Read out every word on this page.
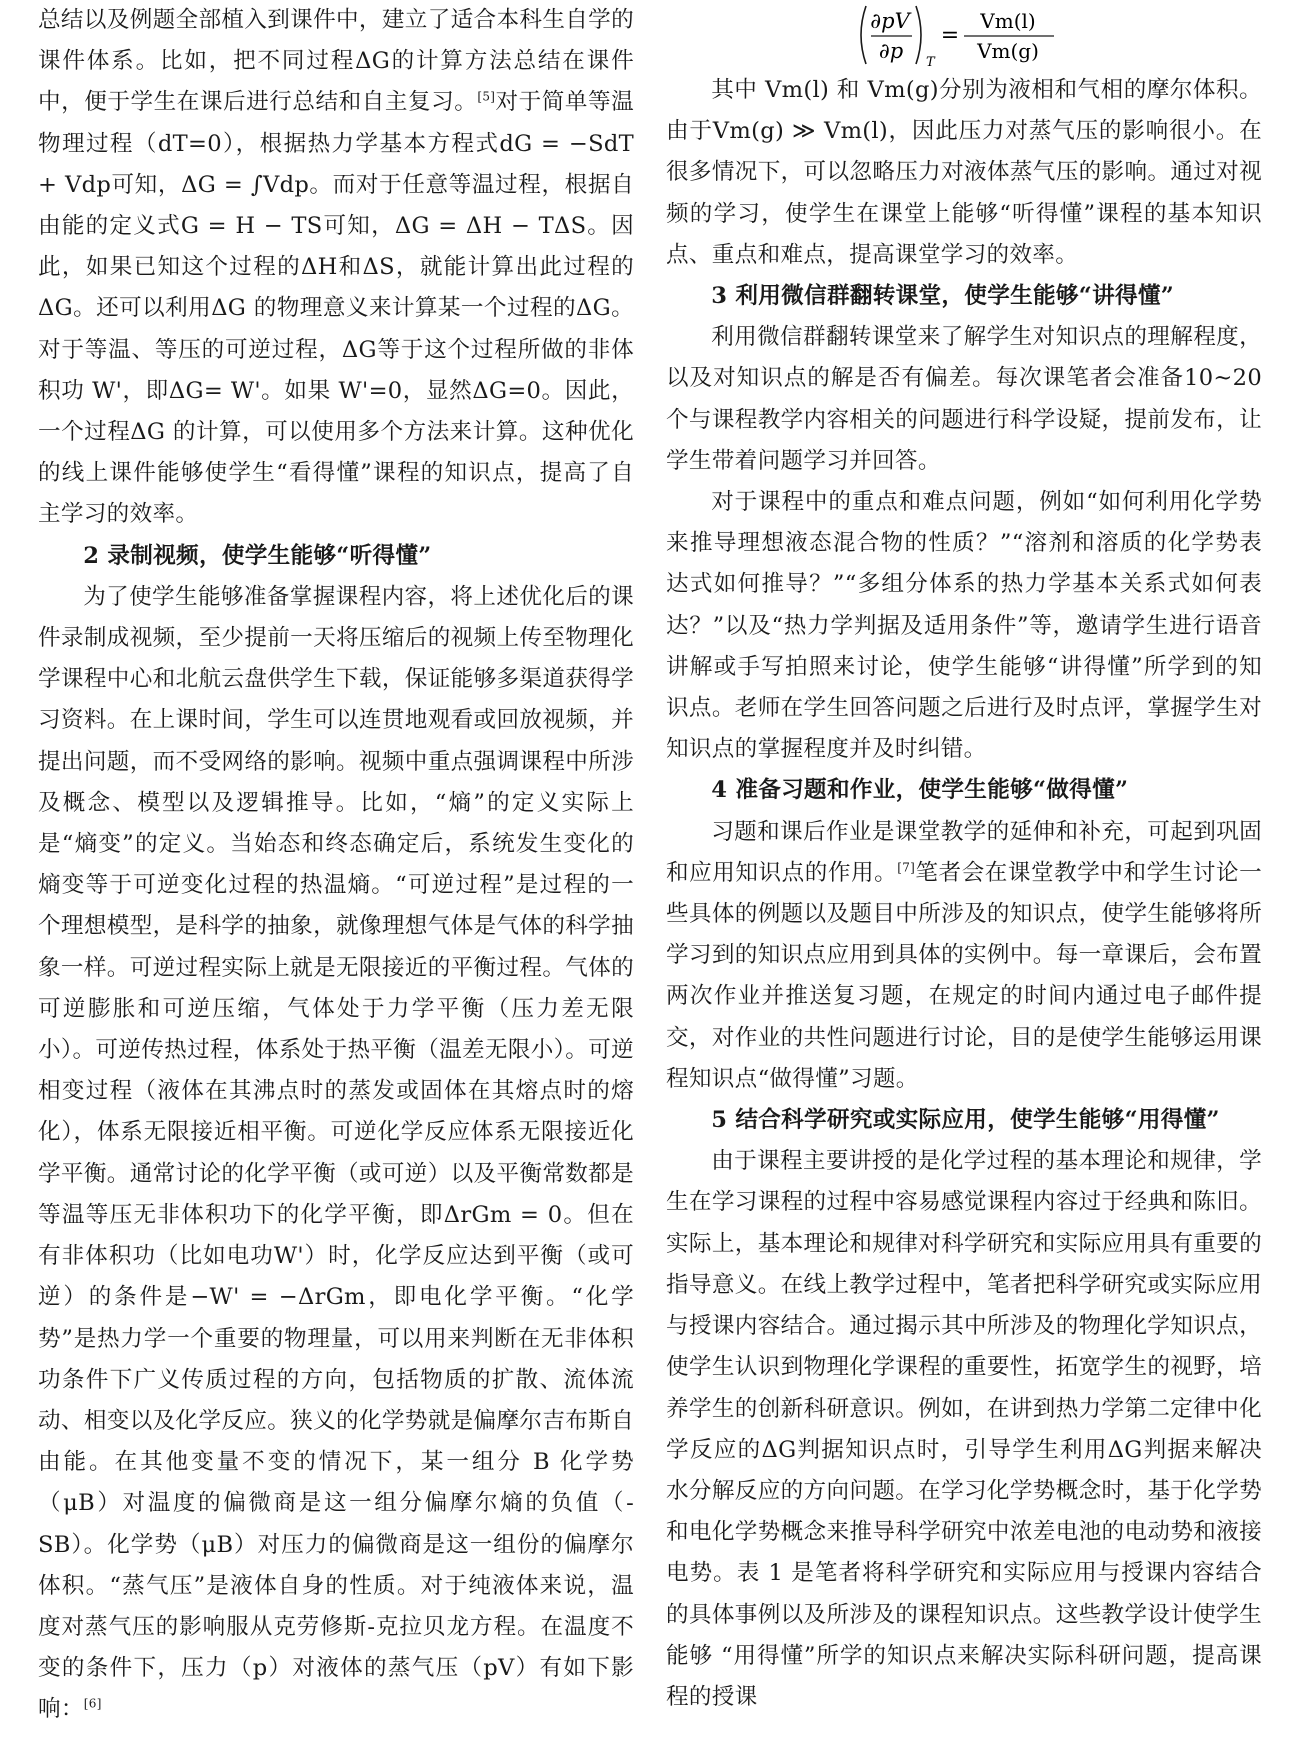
总结以及例题全部植入到课件中，建立了适合本科生自学的课件体系。比如，把不同过程ΔG的计算方法总结在课件中，便于学生在课后进行总结和自主复习。[5]对于简单等温物理过程（dT=0），根据热力学基本方程式dG = −SdT + Vdp可知，ΔG = ∫Vdp。而对于任意等温过程，根据自由能的定义式G = H − TS可知，ΔG = ΔH − TΔS。因此，如果已知这个过程的ΔH和ΔS，就能计算出此过程的ΔG。还可以利用ΔG 的物理意义来计算某一个过程的ΔG。对于等温、等压的可逆过程，ΔG等于这个过程所做的非体积功 W'，即ΔG= W'。如果 W'=0，显然ΔG=0。因此，一个过程ΔG 的计算，可以使用多个方法来计算。这种优化的线上课件能够使学生“看得懂”课程的知识点，提高了自主学习的效率。

2 录制视频，使学生能够“听得懂”

为了使学生能够准备掌握课程内容，将上述优化后的课件录制成视频，至少提前一天将压缩后的视频上传至物理化学课程中心和北航云盘供学生下载，保证能够多渠道获得学习资料。在上课时间，学生可以连贯地观看或回放视频，并提出问题，而不受网络的影响。视频中重点强调课程中所涉及概念、模型以及逻辑推导。比如，“熵”的定义实际上是“熵变”的定义。当始态和终态确定后，系统发生变化的熵变等于可逆变化过程的热温熵。“可逆过程”是过程的一个理想模型，是科学的抽象，就像理想气体是气体的科学抽象一样。可逆过程实际上就是无限接近的平衡过程。气体的可逆膨胀和可逆压缩，气体处于力学平衡（压力差无限小）。可逆传热过程，体系处于热平衡（温差无限小）。可逆相变过程（液体在其沸点时的蒸发或固体在其熔点时的熔化），体系无限接近相平衡。可逆化学反应体系无限接近化学平衡。通常讨论的化学平衡（或可逆）以及平衡常数都是等温等压无非体积功下的化学平衡，即ΔrGm = 0。但在有非体积功（比如电功W'）时，化学反应达到平衡（或可逆）的条件是−W' = −ΔrGm，即电化学平衡。“化学势”是热力学一个重要的物理量，可以用来判断在无非体积功条件下广义传质过程的方向，包括物质的扩散、流体流动、相变以及化学反应。狭义的化学势就是偏摩尔吉布斯自由能。在其他变量不变的情况下，某一组分 B 化学势（μB）对温度的偏微商是这一组分偏摩尔熵的负值（-SB）。化学势（μB）对压力的偏微商是这一组份的偏摩尔体积。“蒸气压”是液体自身的性质。对于纯液体来说，温度对蒸气压的影响服从克劳修斯-克拉贝龙方程。在温度不变的条件下，压力（p）对液体的蒸气压（pV）有如下影响：[6]

∂pV
∂p T
=
Vm(l)
Vm(g)

其中 Vm(l) 和 Vm(g)分别为液相和气相的摩尔体积。由于Vm(g) ≫ Vm(l)，因此压力对蒸气压的影响很小。在很多情况下，可以忽略压力对液体蒸气压的影响。通过对视频的学习，使学生在课堂上能够“听得懂”课程的基本知识点、重点和难点，提高课堂学习的效率。

3 利用微信群翻转课堂，使学生能够“讲得懂”

利用微信群翻转课堂来了解学生对知识点的理解程度，以及对知识点的解是否有偏差。每次课笔者会准备10~20 个与课程教学内容相关的问题进行科学设疑，提前发布，让学生带着问题学习并回答。

对于课程中的重点和难点问题，例如“如何利用化学势来推导理想液态混合物的性质？”“溶剂和溶质的化学势表达式如何推导？”“多组分体系的热力学基本关系式如何表达？”以及“热力学判据及适用条件”等，邀请学生进行语音讲解或手写拍照来讨论，使学生能够“讲得懂”所学到的知识点。老师在学生回答问题之后进行及时点评，掌握学生对知识点的掌握程度并及时纠错。

4 准备习题和作业，使学生能够“做得懂”

习题和课后作业是课堂教学的延伸和补充，可起到巩固和应用知识点的作用。[7]笔者会在课堂教学中和学生讨论一些具体的例题以及题目中所涉及的知识点，使学生能够将所学习到的知识点应用到具体的实例中。每一章课后，会布置两次作业并推送复习题，在规定的时间内通过电子邮件提交，对作业的共性问题进行讨论，目的是使学生能够运用课程知识点“做得懂”习题。

5 结合科学研究或实际应用，使学生能够“用得懂”

由于课程主要讲授的是化学过程的基本理论和规律，学生在学习课程的过程中容易感觉课程内容过于经典和陈旧。实际上，基本理论和规律对科学研究和实际应用具有重要的指导意义。在线上教学过程中，笔者把科学研究或实际应用与授课内容结合。通过揭示其中所涉及的物理化学知识点，使学生认识到物理化学课程的重要性，拓宽学生的视野，培养学生的创新科研意识。例如，在讲到热力学第二定律中化学反应的ΔG判据知识点时，引导学生利用ΔG判据来解决水分解反应的方向问题。在学习化学势概念时，基于化学势和电化学势概念来推导科学研究中浓差电池的电动势和液接电势。表 1 是笔者将科学研究和实际应用与授课内容结合的具体事例以及所涉及的课程知识点。这些教学设计使学生能够 “用得懂”所学的知识点来解决实际科研问题，提高课程的授课
